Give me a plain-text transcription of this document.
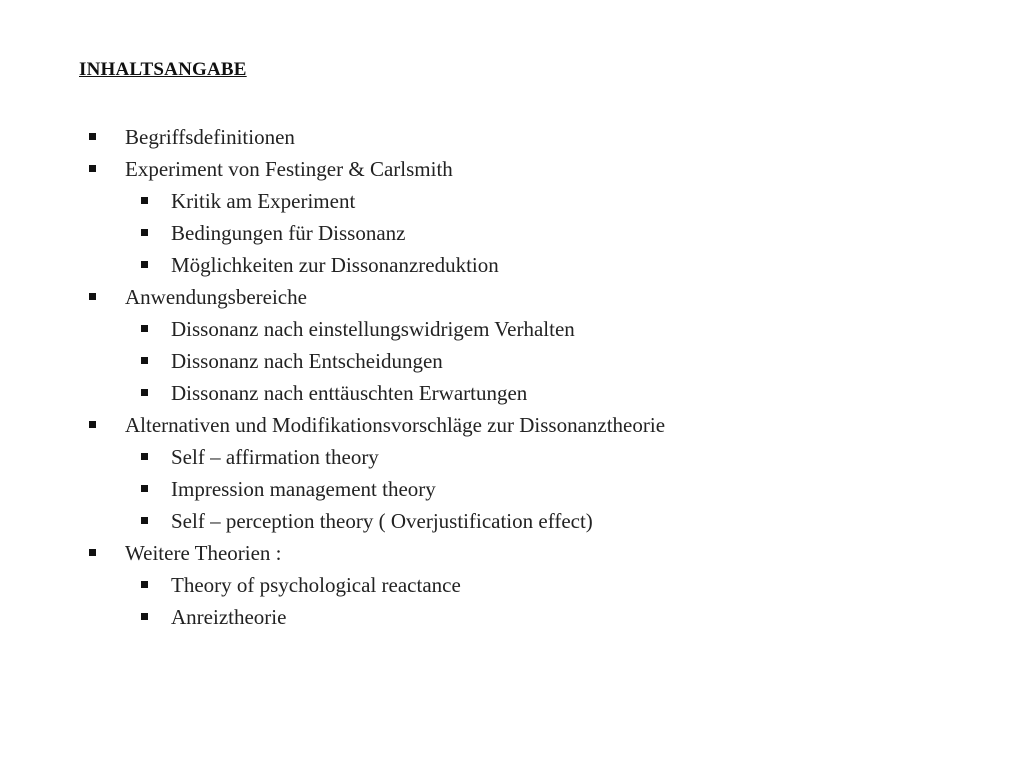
INHALTSANGABE
Begriffsdefinitionen
Experiment von Festinger & Carlsmith
Kritik am Experiment
Bedingungen für Dissonanz
Möglichkeiten zur Dissonanzreduktion
Anwendungsbereiche
Dissonanz nach einstellungswidrigem Verhalten
Dissonanz nach Entscheidungen
Dissonanz nach enttäuschten Erwartungen
Alternativen und Modifikationsvorschläge zur Dissonanztheorie
Self – affirmation theory
Impression management theory
Self – perception theory ( Overjustification effect)
Weitere Theorien :
Theory of psychological reactance
Anreiztheorie
